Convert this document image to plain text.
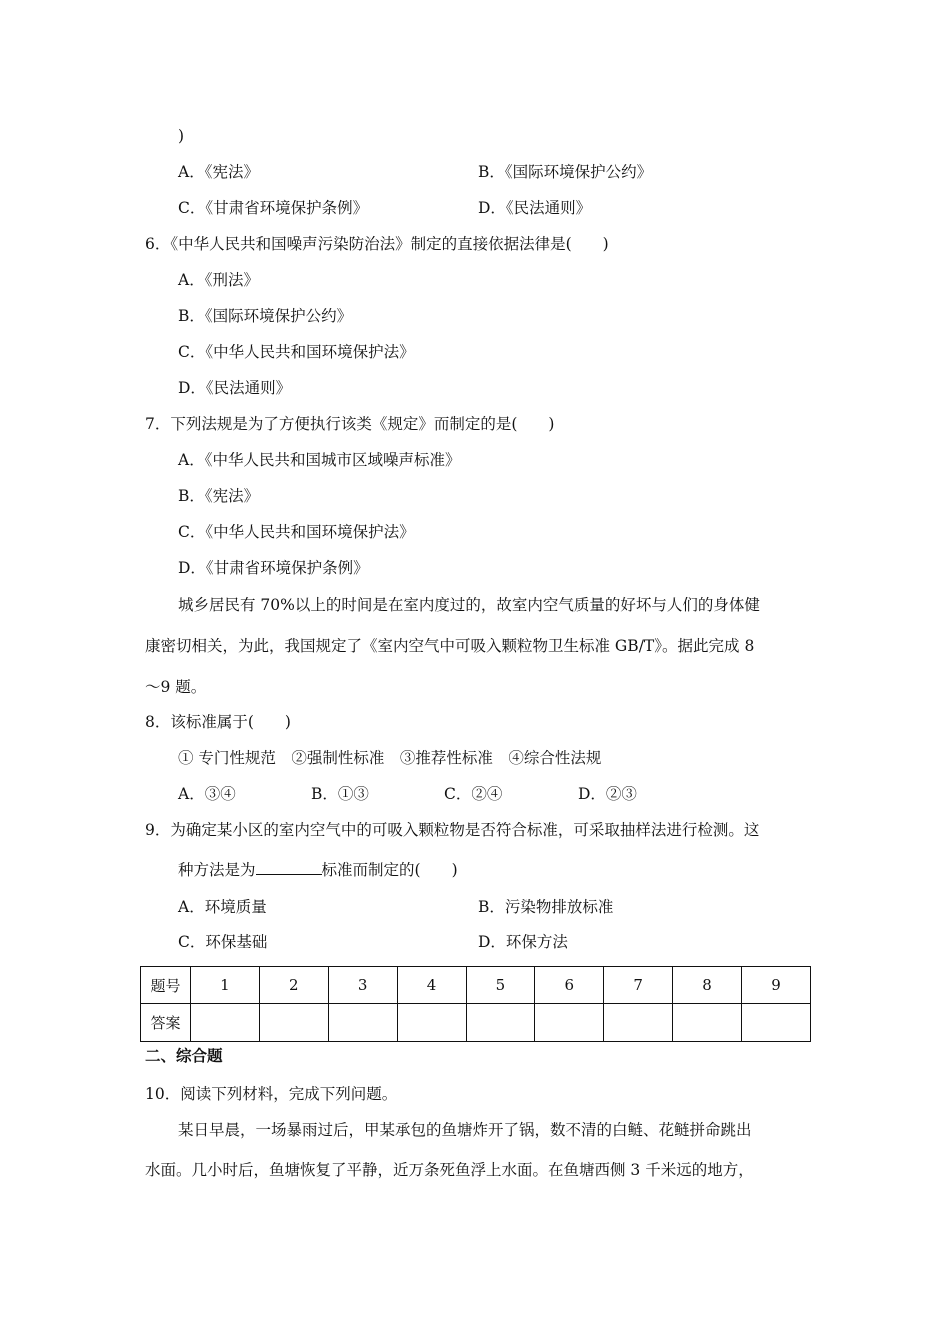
)
A．《宪法》	B．《国际环境保护公约》
C．《甘肃省环境保护条例》	D．《民法通则》
6．《中华人民共和国噪声污染防治法》制定的直接依据法律是(　　)
A．《刑法》
B．《国际环境保护公约》
C．《中华人民共和国环境保护法》
D．《民法通则》
7．下列法规是为了方便执行该类《规定》而制定的是(　　)
A．《中华人民共和国城市区域噪声标准》
B．《宪法》
C．《中华人民共和国环境保护法》
D．《甘肃省环境保护条例》
城乡居民有 70%以上的时间是在室内度过的，故室内空气质量的好坏与人们的身体健
康密切相关，为此，我国规定了《室内空气中可吸入颗粒物卫生标准 GB/T》。据此完成 8
～9 题。
8．该标准属于(　　)
① 专门性规范　②强制性标准　③推荐性标准　④综合性法规
A．③④	B．①③	C．②④	D．②③
9．为确定某小区的室内空气中的可吸入颗粒物是否符合标准，可采取抽样法进行检测。这
种方法是为	标准而制定的(　　)
A．环境质量	B．污染物排放标准
C．环保基础	D．环保方法
题号	1	2	3	4	5	6	7	8	9
答案									
二、综合题
10．阅读下列材料，完成下列问题。
某日早晨，一场暴雨过后，甲某承包的鱼塘炸开了锅，数不清的白鲢、花鲢拼命跳出
水面。几小时后，鱼塘恢复了平静，近万条死鱼浮上水面。在鱼塘西侧 3 千米远的地方，
